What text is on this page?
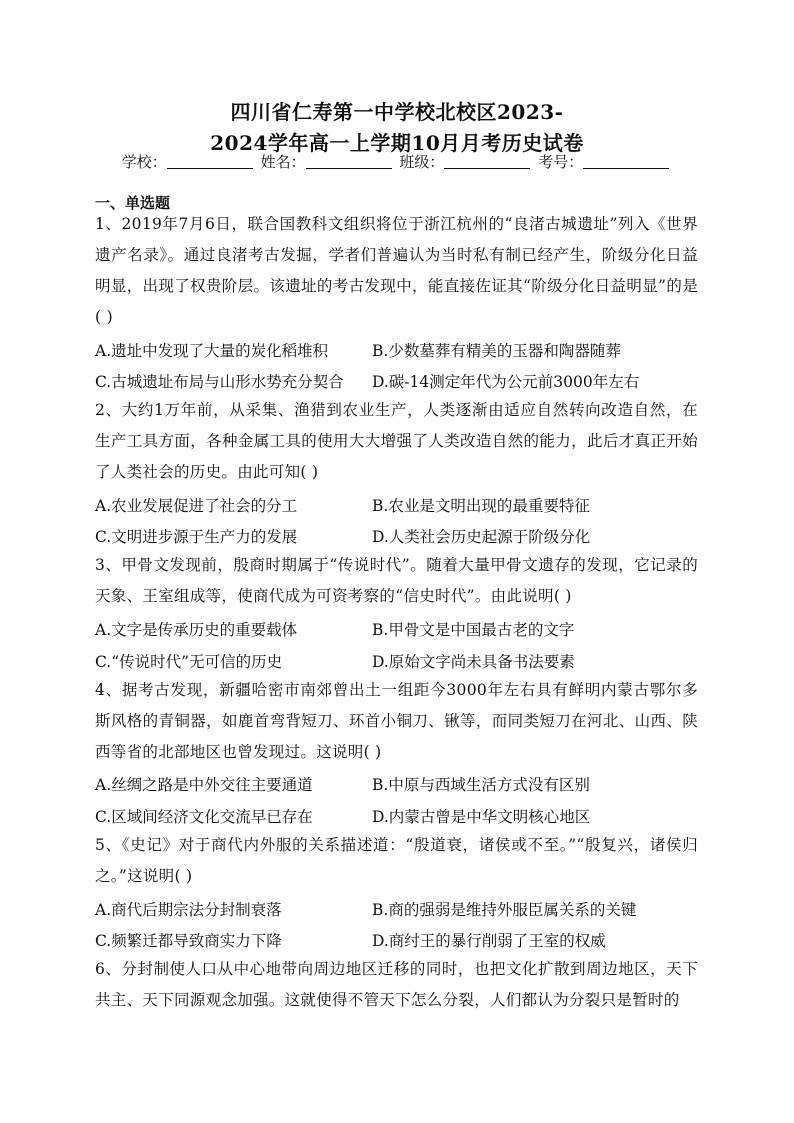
四川省仁寿第一中学校北校区2023-
2024学年高一上学期10月月考历史试卷
学校：	姓名：	班级：	考号：
一、单选题
1、2019年7月6日，联合国教科文组织将位于浙江杭州的“良渚古城遗址”列入《世界遗产名录》。通过良渚考古发掘，学者们普遍认为当时私有制已经产生，阶级分化日益明显，出现了权贵阶层。该遗址的考古发现中，能直接佐证其“阶级分化日益明显”的是( )
A.遗址中发现了大量的炭化稻堆积	B.少数墓葬有精美的玉器和陶器随葬
C.古城遗址布局与山形水势充分契合 D.碳-14测定年代为公元前3000年左右
2、大约1万年前，从采集、渔猎到农业生产，人类逐渐由适应自然转向改造自然，在生产工具方面，各种金属工具的使用大大增强了人类改造自然的能力，此后才真正开始了人类社会的历史。由此可知( )
A.农业发展促进了社会的分工	B.农业是文明出现的最重要特征
C.文明进步源于生产力的发展	D.人类社会历史起源于阶级分化
3、甲骨文发现前，殷商时期属于“传说时代”。随着大量甲骨文遗存的发现，它记录的天象、王室组成等，使商代成为可资考察的“信史时代”。由此说明( )
A.文字是传承历史的重要载体	B.甲骨文是中国最古老的文字
C.“传说时代”无可信的历史	D.原始文字尚未具备书法要素
4、据考古发现，新疆哈密市南郊曾出土一组距今3000年左右具有鲜明内蒙古鄂尔多斯风格的青铜器，如鹿首弯背短刀、环首小铜刀、锹等，而同类短刀在河北、山西、陕西等省的北部地区也曾发现过。这说明( )
A.丝绸之路是中外交往主要通道	B.中原与西域生活方式没有区别
C.区域间经济文化交流早已存在	D.内蒙古曾是中华文明核心地区
5、《史记》对于商代内外服的关系描述道：“殷道衰，诸侯或不至。”“殷复兴，诸侯归之。”这说明( )
A.商代后期宗法分封制衰落	B.商的强弱是维持外服臣属关系的关键
C.频繁迁都导致商实力下降	D.商纣王的暴行削弱了王室的权威
6、分封制使人口从中心地带向周边地区迁移的同时，也把文化扩散到周边地区，天下共主、天下同源观念加强。这就使得不管天下怎么分裂，人们都认为分裂只是暂时的
